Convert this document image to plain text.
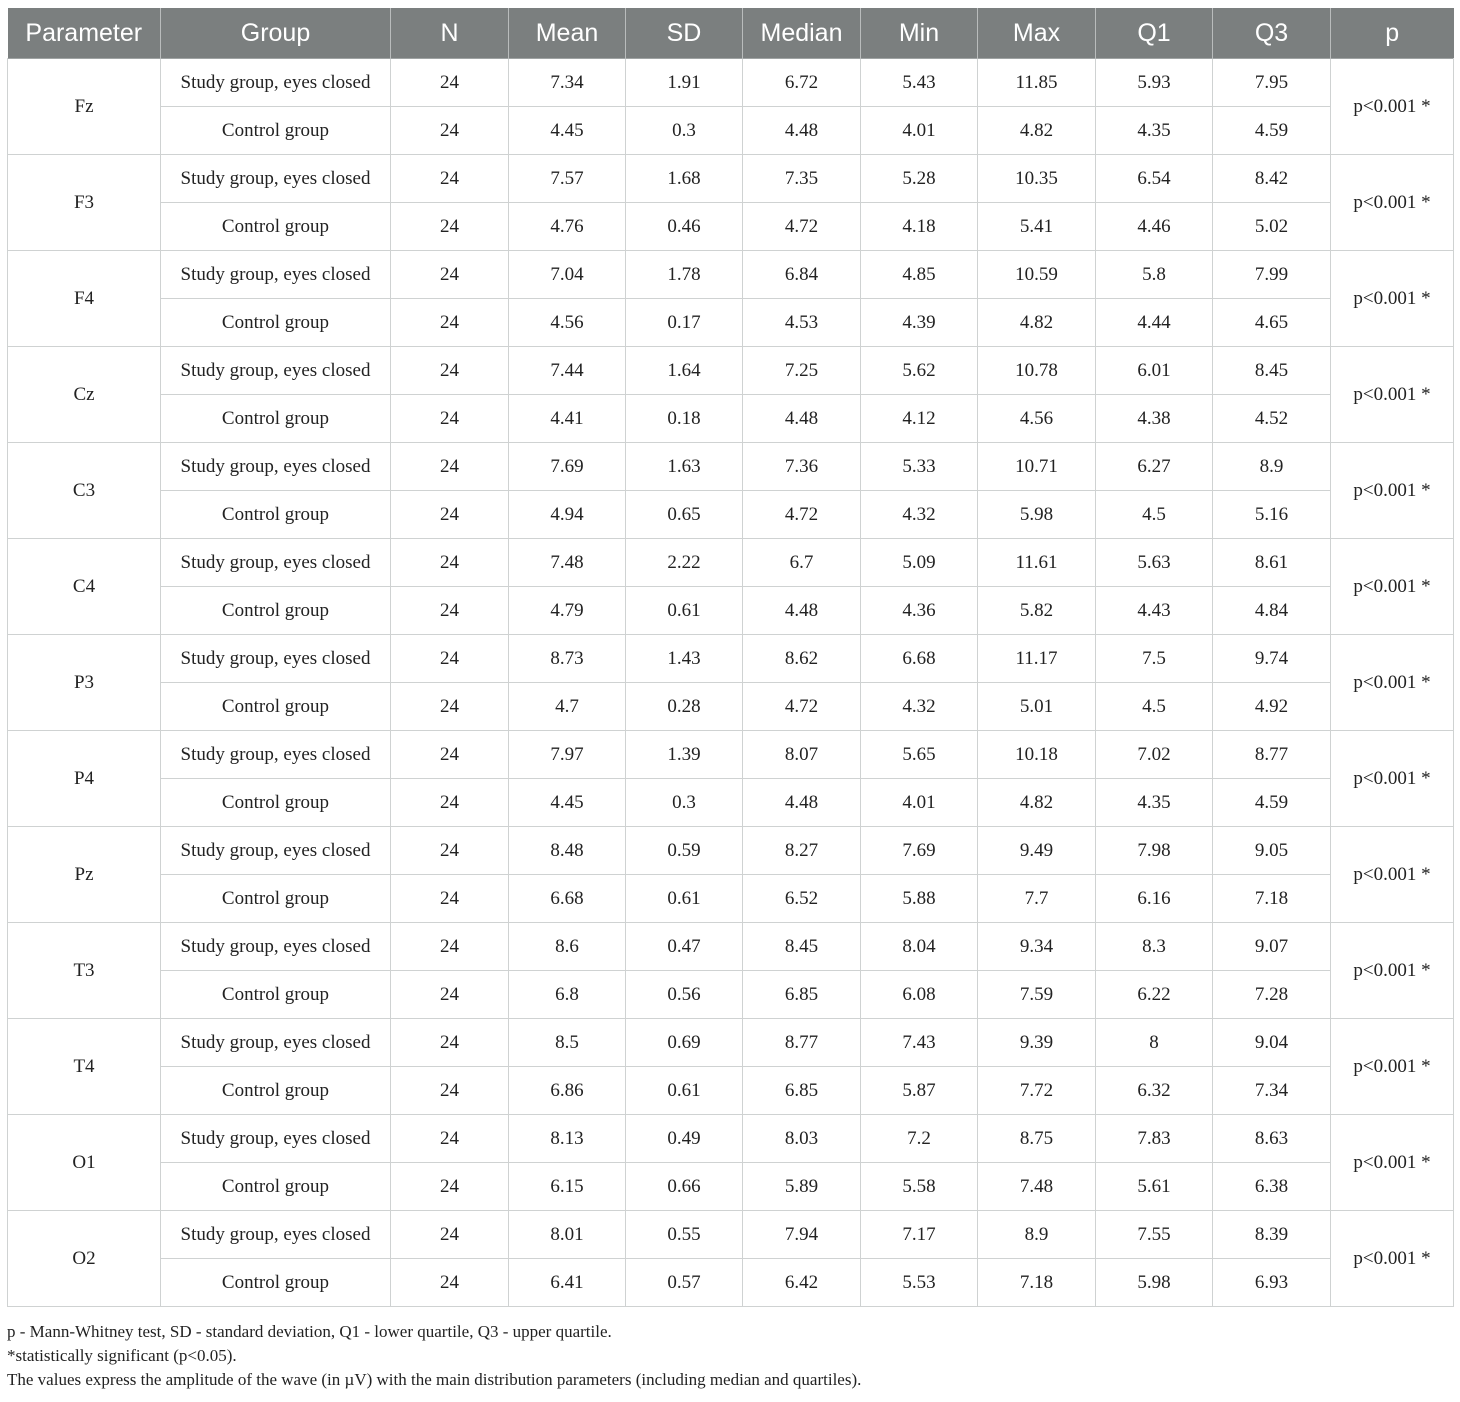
Parameter	Group	N	Mean	SD	Median	Min	Max	Q1	Q3	p
Fz	Study group, eyes closed	24	7.34	1.91	6.72	5.43	11.85	5.93	7.95	p<0.001 *
	Control group	24	4.45	0.3	4.48	4.01	4.82	4.35	4.59	
F3	Study group, eyes closed	24	7.57	1.68	7.35	5.28	10.35	6.54	8.42	p<0.001 *
	Control group	24	4.76	0.46	4.72	4.18	5.41	4.46	5.02	
F4	Study group, eyes closed	24	7.04	1.78	6.84	4.85	10.59	5.8	7.99	p<0.001 *
	Control group	24	4.56	0.17	4.53	4.39	4.82	4.44	4.65	
Cz	Study group, eyes closed	24	7.44	1.64	7.25	5.62	10.78	6.01	8.45	p<0.001 *
	Control group	24	4.41	0.18	4.48	4.12	4.56	4.38	4.52	
C3	Study group, eyes closed	24	7.69	1.63	7.36	5.33	10.71	6.27	8.9	p<0.001 *
	Control group	24	4.94	0.65	4.72	4.32	5.98	4.5	5.16	
C4	Study group, eyes closed	24	7.48	2.22	6.7	5.09	11.61	5.63	8.61	p<0.001 *
	Control group	24	4.79	0.61	4.48	4.36	5.82	4.43	4.84	
P3	Study group, eyes closed	24	8.73	1.43	8.62	6.68	11.17	7.5	9.74	p<0.001 *
	Control group	24	4.7	0.28	4.72	4.32	5.01	4.5	4.92	
P4	Study group, eyes closed	24	7.97	1.39	8.07	5.65	10.18	7.02	8.77	p<0.001 *
	Control group	24	4.45	0.3	4.48	4.01	4.82	4.35	4.59	
Pz	Study group, eyes closed	24	8.48	0.59	8.27	7.69	9.49	7.98	9.05	p<0.001 *
	Control group	24	6.68	0.61	6.52	5.88	7.7	6.16	7.18	
T3	Study group, eyes closed	24	8.6	0.47	8.45	8.04	9.34	8.3	9.07	p<0.001 *
	Control group	24	6.8	0.56	6.85	6.08	7.59	6.22	7.28	
T4	Study group, eyes closed	24	8.5	0.69	8.77	7.43	9.39	8	9.04	p<0.001 *
	Control group	24	6.86	0.61	6.85	5.87	7.72	6.32	7.34	
O1	Study group, eyes closed	24	8.13	0.49	8.03	7.2	8.75	7.83	8.63	p<0.001 *
	Control group	24	6.15	0.66	5.89	5.58	7.48	5.61	6.38	
O2	Study group, eyes closed	24	8.01	0.55	7.94	7.17	8.9	7.55	8.39	p<0.001 *
	Control group	24	6.41	0.57	6.42	5.53	7.18	5.98	6.93	

p - Mann-Whitney test, SD - standard deviation, Q1 - lower quartile, Q3 - upper quartile.

*statistically significant (p<0.05).

The values express the amplitude of the wave (in µV) with the main distribution parameters (including median and quartiles).
